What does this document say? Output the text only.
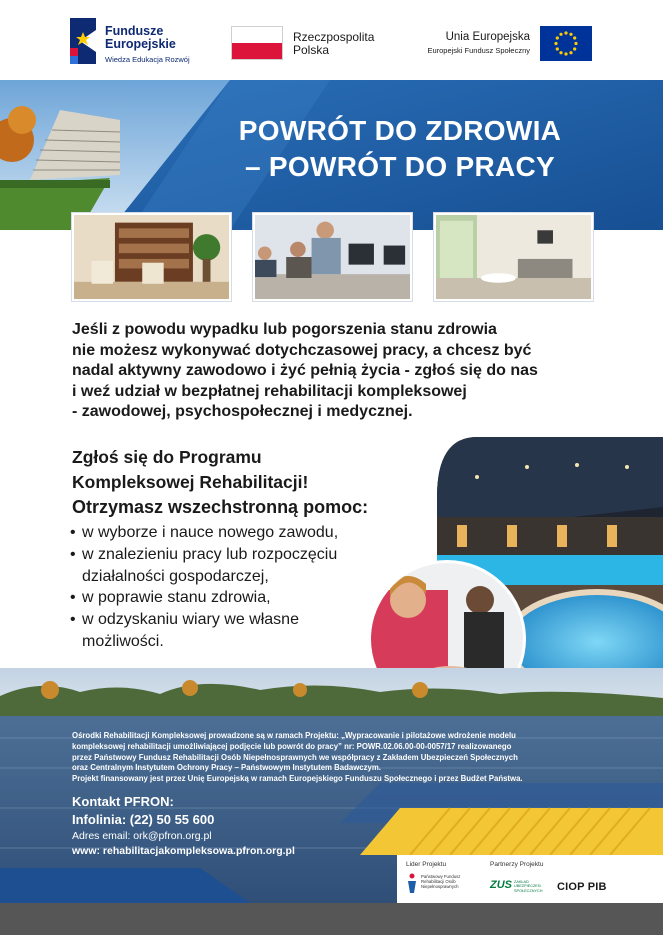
Fundusze
Europejskie
Wiedza Edukacja Rozwój
Rzeczpospolita
Polska
Unia Europejska
Europejski Fundusz Społeczny
POWRÓT DO ZDROWIA
– POWRÓT DO PRACY
Jeśli z powodu wypadku lub pogorszenia stanu zdrowia
nie możesz wykonywać dotychczasowej pracy, a chcesz być
nadal aktywny zawodowo i żyć pełnią życia - zgłoś się do nas
i weź udział w bezpłatnej rehabilitacji kompleksowej
- zawodowej, psychospołecznej i medycznej.
Zgłoś się do Programu
Kompleksowej Rehabilitacji!
Otrzymasz wszechstronną pomoc:
• w wyborze i nauce nowego zawodu,
• w znalezieniu pracy lub rozpoczęciu
działalności gospodarczej,
• w poprawie stanu zdrowia,
• w odzyskaniu wiary we własne
możliwości.
Ośrodki Rehabilitacji Kompleksowej prowadzone są w ramach Projektu: „Wypracowanie i pilotażowe wdrożenie modelu
kompleksowej rehabilitacji umożliwiającej podjęcie lub powrót do pracy” nr: POWR.02.06.00-00-0057/17 realizowanego
przez Państwowy Fundusz Rehabilitacji Osób Niepełnosprawnych we współpracy z Zakładem Ubezpieczeń Społecznych
oraz Centralnym Instytutem Ochrony Pracy – Państwowym Instytutem Badawczym.
Projekt finansowany jest przez Unię Europejską w ramach Europejskiego Funduszu Społecznego i przez Budżet Państwa.
Kontakt PFRON:
Infolinia: (22) 50 55 600
Adres email: ork@pfron.org.pl
www: rehabilitacjakompleksowa.pfron.org.pl
Lider Projektu	Partnerzy Projektu
Państwowy Fundusz
Rehabilitacji Osób
Niepełnosprawnych	ZUS ZAKŁAD
UBEZPIECZEŃ
SPOŁECZNYCH CIOP PIB
